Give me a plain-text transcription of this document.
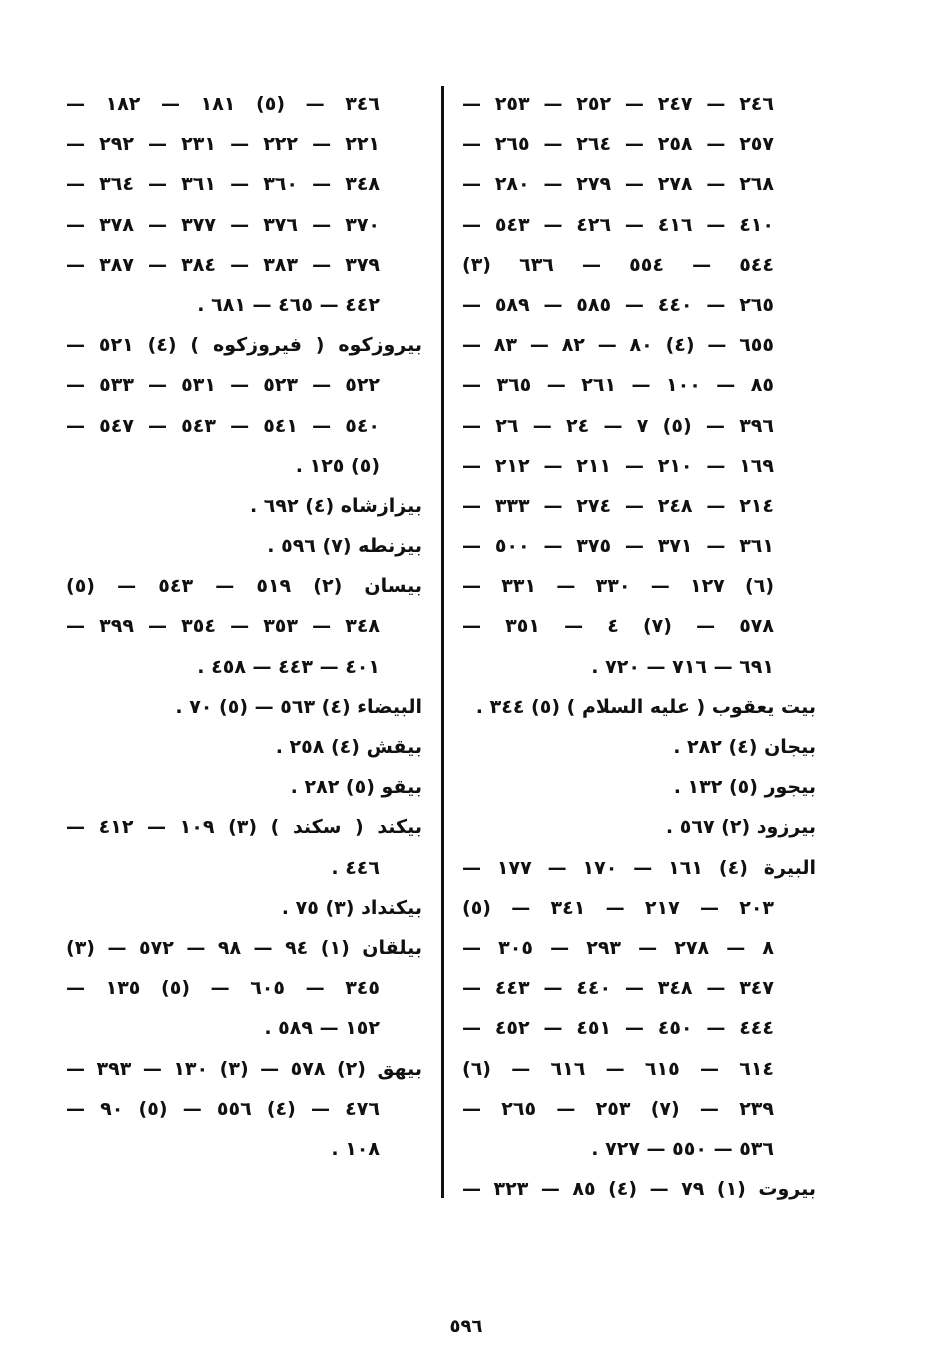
٢٤٦ — ٢٤٧ — ٢٥٢ — ٢٥٣ —
٢٥٧ — ٢٥٨ — ٢٦٤ — ٢٦٥ —
٢٦٨ — ٢٧٨ — ٢٧٩ — ٢٨٠ —
٤١٠ — ٤١٦ — ٤٢٦ — ٥٤٣ —
٥٤٤ — ٥٥٤ — ٦٣٦ (٣)
٢٦٥ — ٤٤٠ — ٥٨٥ — ٥٨٩ —
٦٥٥ — (٤) ٨٠ — ٨٢ — ٨٣ —
٨٥ — ١٠٠ — ٢٦١ — ٣٦٥ —
٣٩٦ — (٥) ٧ — ٢٤ — ٢٦ —
١٦٩ — ٢١٠ — ٢١١ — ٢١٢ —
٢١٤ — ٢٤٨ — ٢٧٤ — ٣٣٣ —
٣٦١ — ٣٧١ — ٣٧٥ — ٥٠٠ —
(٦) ١٢٧ — ٣٣٠ — ٣٣١ —
٥٧٨ — (٧) ٤ — ٣٥١ —
٦٩١ — ٧١٦ — ٧٢٠ .
بيت يعقوب ( عليه السلام ) (٥) ٣٤٤ .
بيجان (٤) ٢٨٢ .
بيجور (٥) ١٣٢ .
بيرزود (٢) ٥٦٧ .
البيرة (٤) ١٦١ — ١٧٠ — ١٧٧ —
٢٠٣ — ٢١٧ — ٣٤١ — (٥)
٨ — ٢٧٨ — ٢٩٣ — ٣٠٥ —
٣٤٧ — ٣٤٨ — ٤٤٠ — ٤٤٣ —
٤٤٤ — ٤٥٠ — ٤٥١ — ٤٥٢ —
٦١٤ — ٦١٥ — ٦١٦ — (٦)
٢٣٩ — (٧) ٢٥٣ — ٢٦٥ —
٥٣٦ — ٥٥٠ — ٧٢٧ .
بيروت (١) ٧٩ — (٤) ٨٥ — ٣٢٣ —
٣٤٦ — (٥) ١٨١ — ١٨٢ —
٢٢١ — ٢٢٢ — ٢٣١ — ٢٩٢ —
٣٤٨ — ٣٦٠ — ٣٦١ — ٣٦٤ —
٣٧٠ — ٣٧٦ — ٣٧٧ — ٣٧٨ —
٣٧٩ — ٣٨٣ — ٣٨٤ — ٣٨٧ —
٤٤٢ — ٤٦٥ — ٦٨١ .
بيروزكوه ( فيروزكوه ) (٤) ٥٢١ —
٥٢٢ — ٥٢٣ — ٥٣١ — ٥٣٣ —
٥٤٠ — ٥٤١ — ٥٤٣ — ٥٤٧ —
(٥) ١٢٥ .
بيزازشاه (٤) ٦٩٢ .
بيزنطه (٧) ٥٩٦ .
بيسان (٢) ٥١٩ — ٥٤٣ — (٥)
٣٤٨ — ٣٥٣ — ٣٥٤ — ٣٩٩ —
٤٠١ — ٤٤٣ — ٤٥٨ .
البيضاء (٤) ٥٦٣ — (٥) ٧٠ .
بيقش (٤) ٢٥٨ .
بيقو (٥) ٢٨٢ .
بيكند ( سكند ) (٣) ١٠٩ — ٤١٢ —
٤٤٦ .
بيكنداد (٣) ٧٥ .
بيلقان (١) ٩٤ — ٩٨ — ٥٧٢ — (٣)
٣٤٥ — ٦٠٥ — (٥) ١٣٥ —
١٥٢ — ٥٨٩ .
بيهق (٢) ٥٧٨ — (٣) ١٣٠ — ٣٩٣ —
٤٧٦ — (٤) ٥٥٦ — (٥) ٩٠ —
١٠٨ .
٥٩٦
